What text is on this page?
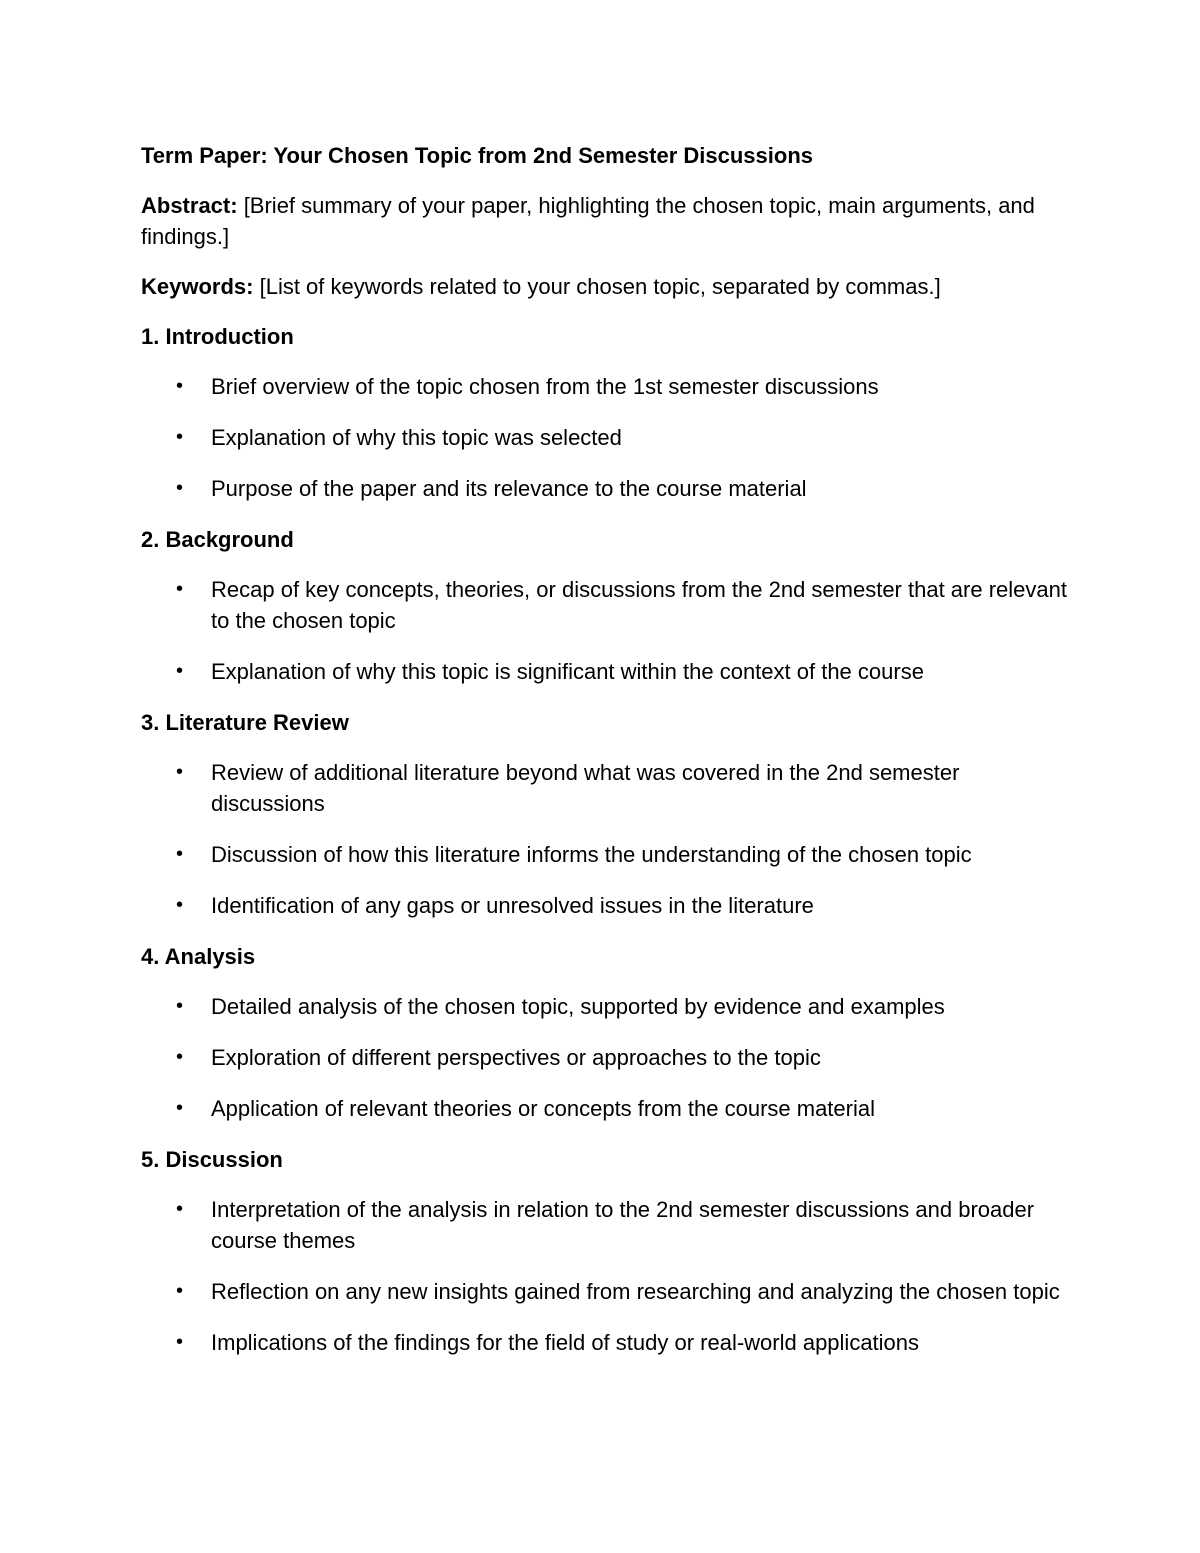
Term Paper: Your Chosen Topic from 2nd Semester Discussions
Abstract: [Brief summary of your paper, highlighting the chosen topic, main arguments, and findings.]
Keywords: [List of keywords related to your chosen topic, separated by commas.]
1. Introduction
• Brief overview of the topic chosen from the 1st semester discussions
• Explanation of why this topic was selected
• Purpose of the paper and its relevance to the course material
2. Background
• Recap of key concepts, theories, or discussions from the 2nd semester that are relevant to the chosen topic
• Explanation of why this topic is significant within the context of the course
3. Literature Review
• Review of additional literature beyond what was covered in the 2nd semester discussions
• Discussion of how this literature informs the understanding of the chosen topic
• Identification of any gaps or unresolved issues in the literature
4. Analysis
• Detailed analysis of the chosen topic, supported by evidence and examples
• Exploration of different perspectives or approaches to the topic
• Application of relevant theories or concepts from the course material
5. Discussion
• Interpretation of the analysis in relation to the 2nd semester discussions and broader course themes
• Reflection on any new insights gained from researching and analyzing the chosen topic
• Implications of the findings for the field of study or real-world applications
